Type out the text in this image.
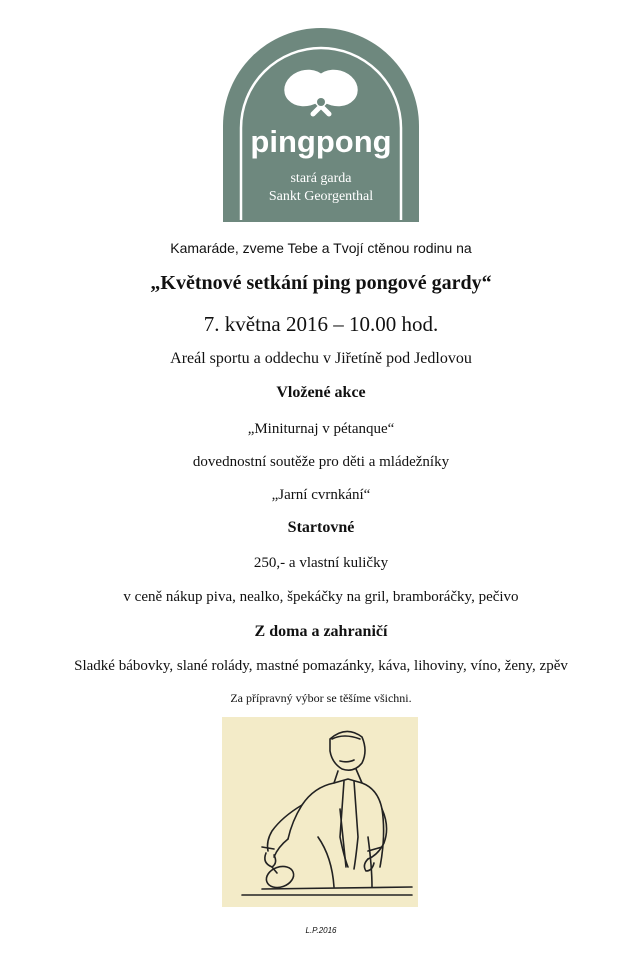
pingpong
stará garda
Sankt Georgenthal
Kamaráde, zveme Tebe a Tvojí ctěnou rodinu na
„Květnové setkání ping pongové gardy“
7. května 2016 – 10.00 hod.
Areál sportu a oddechu v Jiřetíně pod Jedlovou
Vložené akce
„Miniturnaj v pétanque“
dovednostní soutěže pro děti a mládežníky
„Jarní cvrnkání“
Startovné
250,- a vlastní kuličky
v ceně nákup piva, nealko, špekáčky na gril, bramboráčky, pečivo
Z doma a zahraničí
Sladké bábovky, slané rolády, mastné pomazánky, káva, lihoviny, víno, ženy, zpěv
Za přípravný výbor se těšíme všichni.
L.P.2016
